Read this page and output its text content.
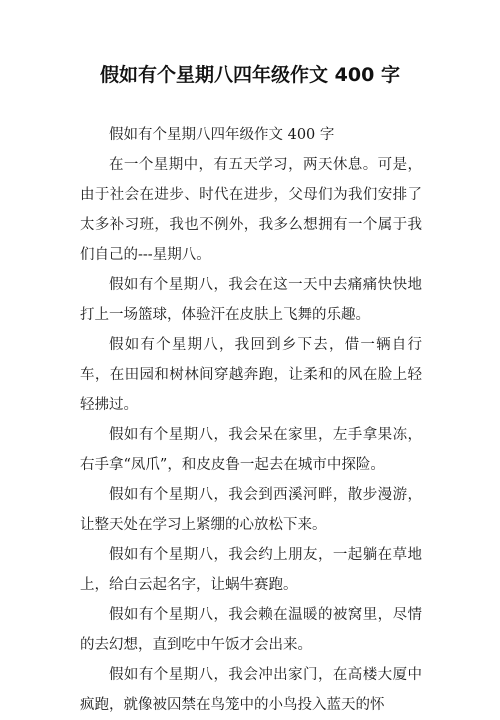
假如有个星期八四年级作文 400 字

假如有个星期八四年级作文 400 字

在一个星期中，有五天学习，两天休息。可是，由于社会在进步、时代在进步，父母们为我们安排了太多补习班，我也不例外，我多么想拥有一个属于我们自己的---星期八。

假如有个星期八，我会在这一天中去痛痛快快地打上一场篮球，体验汗在皮肤上飞舞的乐趣。

假如有个星期八，我回到乡下去，借一辆自行车，在田园和树林间穿越奔跑，让柔和的风在脸上轻轻拂过。

假如有个星期八，我会呆在家里，左手拿果冻，右手拿“凤爪”，和皮皮鲁一起去在城市中探险。

假如有个星期八，我会到西溪河畔，散步漫游，让整天处在学习上紧绷的心放松下来。

假如有个星期八，我会约上朋友，一起躺在草地上，给白云起名字，让蜗牛赛跑。

假如有个星期八，我会赖在温暖的被窝里，尽情的去幻想，直到吃中午饭才会出来。

假如有个星期八，我会冲出家门，在高楼大厦中疯跑，就像被囚禁在鸟笼中的小鸟投入蓝天的怀
